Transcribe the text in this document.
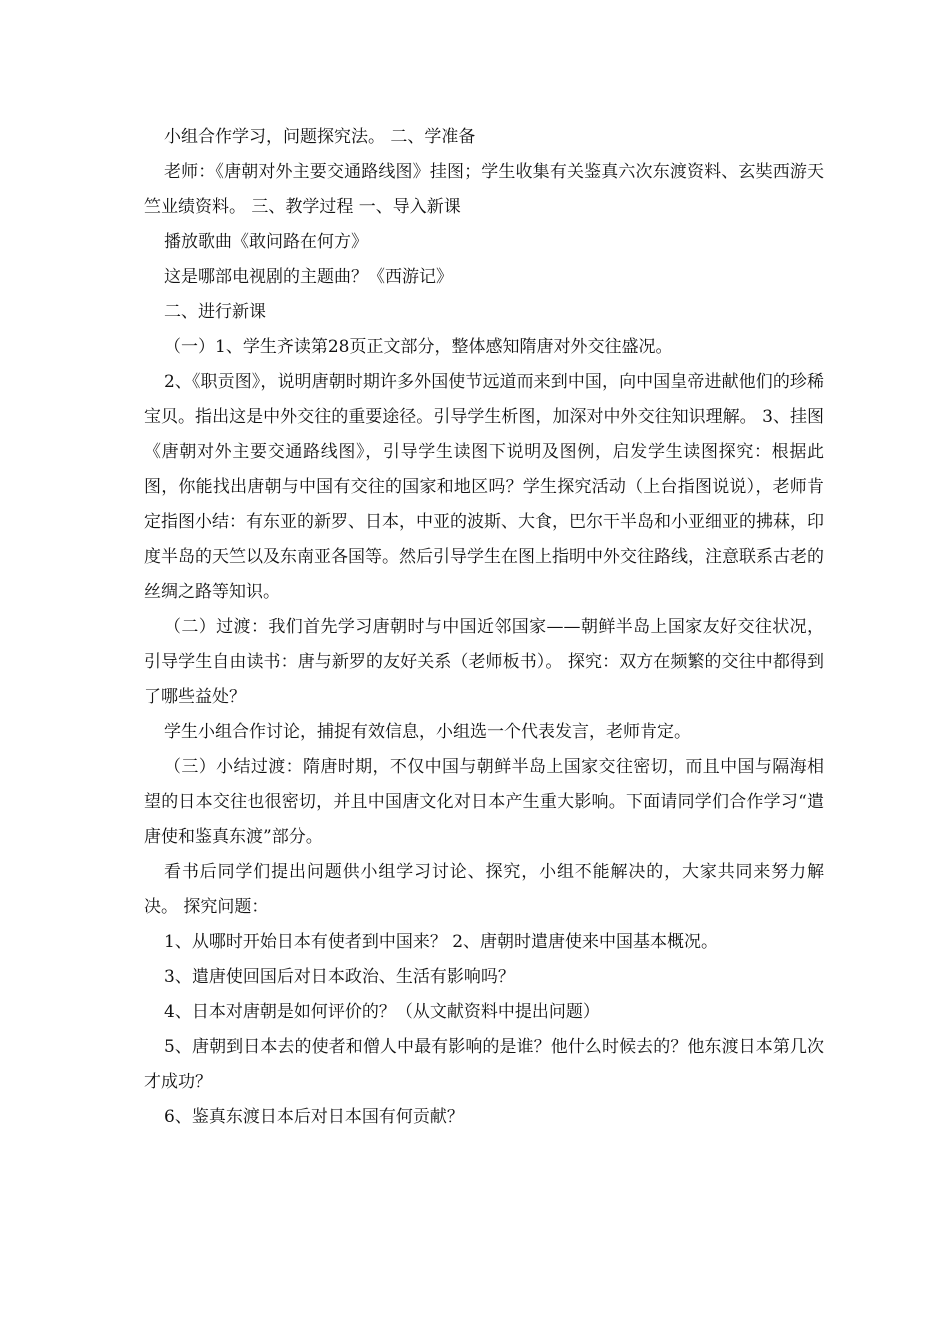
小组合作学习，问题探究法。 二、学准备

老师：《唐朝对外主要交通路线图》挂图；学生收集有关鉴真六次东渡资料、玄奘西游天竺业绩资料。 三、教学过程 一、导入新课

播放歌曲《敢问路在何方》

这是哪部电视剧的主题曲？《西游记》

二、进行新课

（一）1、学生齐读第28页正文部分，整体感知隋唐对外交往盛况。

2、《职贡图》，说明唐朝时期许多外国使节远道而来到中国，向中国皇帝进献他们的珍稀宝贝。指出这是中外交往的重要途径。引导学生析图，加深对中外交往知识理解。 3、挂图《唐朝对外主要交通路线图》，引导学生读图下说明及图例，启发学生读图探究：根据此图，你能找出唐朝与中国有交往的国家和地区吗？学生探究活动（上台指图说说），老师肯定指图小结：有东亚的新罗、日本，中亚的波斯、大食，巴尔干半岛和小亚细亚的拂菻，印度半岛的天竺以及东南亚各国等。然后引导学生在图上指明中外交往路线，注意联系古老的丝绸之路等知识。

（二）过渡：我们首先学习唐朝时与中国近邻国家——朝鲜半岛上国家友好交往状况，引导学生自由读书：唐与新罗的友好关系（老师板书）。 探究：双方在频繁的交往中都得到了哪些益处？

学生小组合作讨论，捕捉有效信息，小组选一个代表发言，老师肯定。

（三）小结过渡：隋唐时期，不仅中国与朝鲜半岛上国家交往密切，而且中国与隔海相望的日本交往也很密切，并且中国唐文化对日本产生重大影响。下面请同学们合作学习“遣唐使和鉴真东渡”部分。

看书后同学们提出问题供小组学习讨论、探究，小组不能解决的，大家共同来努力解决。 探究问题：

1、从哪时开始日本有使者到中国来？ 2、唐朝时遣唐使来中国基本概况。

3、遣唐使回国后对日本政治、生活有影响吗？

4、日本对唐朝是如何评价的？（从文献资料中提出问题）

5、唐朝到日本去的使者和僧人中最有影响的是谁？他什么时候去的？他东渡日本第几次才成功？

6、鉴真东渡日本后对日本国有何贡献？
